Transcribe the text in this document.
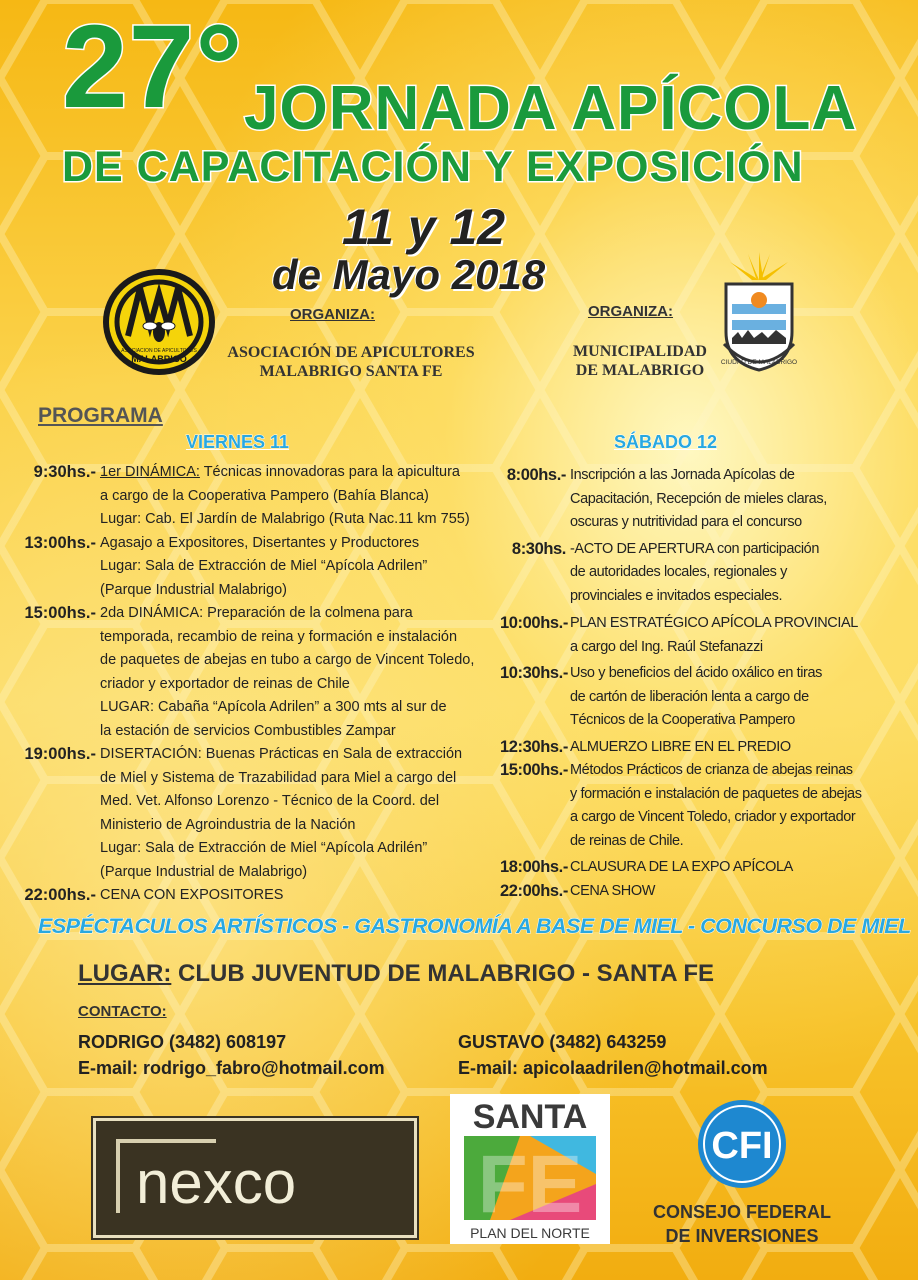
27° JORNADA APÍCOLA
DE CAPACITACIÓN Y EXPOSICIÓN
11 y 12
de Mayo 2018
ASOCIACION DE APICULTORES
MALABRIGO
ORGANIZA:
ASOCIACIÓN DE APICULTORES
MALABRIGO SANTA FE
ORGANIZA:
MUNICIPALIDAD
DE MALABRIGO	CIUDAD DE MALABRIGO
PROGRAMA
VIERNES 11	SÁBADO 12
9:30hs.- 1er DINÁMICA: Técnicas innovadoras para la apicultura
a cargo de la Cooperativa Pampero (Bahía Blanca)
Lugar: Cab. El Jardín de Malabrigo (Ruta Nac.11 km 755)
13:00hs.- Agasajo a Expositores, Disertantes y Productores
Lugar: Sala de Extracción de Miel “Apícola Adrilen”
(Parque Industrial Malabrigo)
15:00hs.- 2da DINÁMICA: Preparación de la colmena para
temporada, recambio de reina y formación e instalación
de paquetes de abejas en tubo a cargo de Vincent Toledo,
criador y exportador de reinas de Chile
LUGAR: Cabaña “Apícola Adrilen” a 300 mts al sur de
la estación de servicios Combustibles Zampar
19:00hs.- DISERTACIÓN: Buenas Prácticas en Sala de extracción
de Miel y Sistema de Trazabilidad para Miel a cargo del
Med. Vet. Alfonso Lorenzo - Técnico de la Coord. del
Ministerio de Agroindustria de la Nación
Lugar: Sala de Extracción de Miel “Apícola Adrilén”
(Parque Industrial de Malabrigo)
22:00hs.- CENA CON EXPOSITORES
8:00hs.- Inscripción a las Jornada Apícolas de
Capacitación, Recepción de mieles claras,
oscuras y nutritividad para el concurso
8:30hs. -ACTO DE APERTURA con participación
de autoridades locales, regionales y
provinciales e invitados especiales.
10:00hs.- PLAN ESTRATÉGICO APÍCOLA PROVINCIAL
a cargo del Ing. Raúl Stefanazzi
10:30hs.- Uso y beneficios del ácido oxálico en tiras
de cartón de liberación lenta a cargo de
Técnicos de la Cooperativa Pampero
12:30hs.- ALMUERZO LIBRE EN EL PREDIO
15:00hs.- Métodos Prácticos de crianza de abejas reinas
y formación e instalación de paquetes de abejas
a cargo de Vincent Toledo, criador y exportador
de reinas de Chile.
18:00hs.- CLAUSURA DE LA EXPO APÍCOLA
22:00hs.- CENA SHOW
ESPÉCTACULOS ARTÍSTICOS - GASTRONOMÍA A BASE DE MIEL - CONCURSO DE MIEL
LUGAR: CLUB JUVENTUD DE MALABRIGO - SANTA FE
CONTACTO:
RODRIGO (3482) 608197
E-mail: rodrigo_fabro@hotmail.com
GUSTAVO (3482) 643259
E-mail: apicolaadrilen@hotmail.com
nexco
SANTA
FE
PLAN DEL NORTE
CFI
CONSEJO FEDERAL
DE INVERSIONES
